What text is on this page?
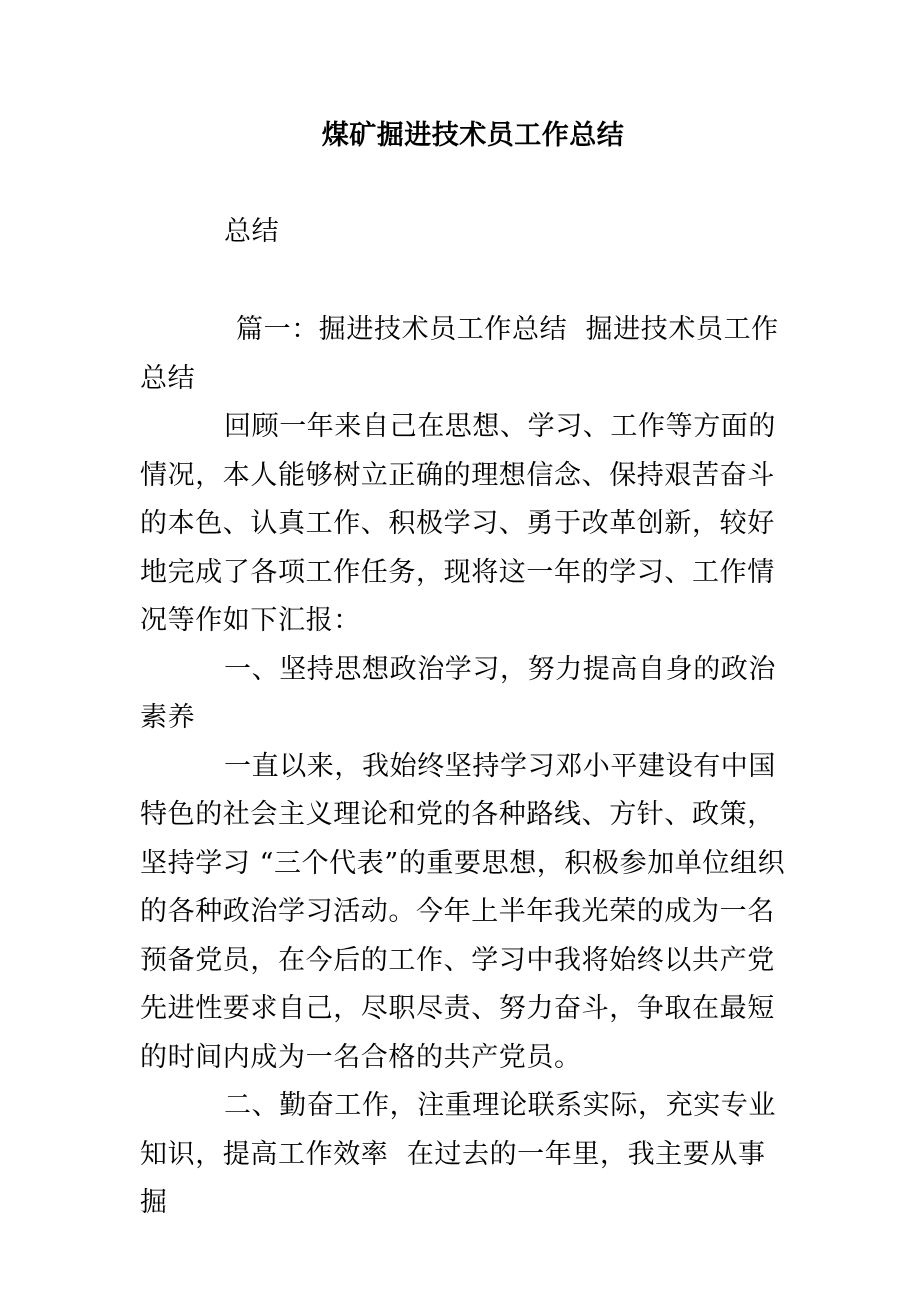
煤矿掘进技术员工作总结
总结

篇一：掘进技术员工作总结  掘进技术员工作总结

回顾一年来自己在思想、学习、工作等方面的情况，本人能够树立正确的理想信念、保持艰苦奋斗的本色、认真工作、积极学习、勇于改革创新，较好地完成了各项工作任务，现将这一年的学习、工作情况等作如下汇报：

一、坚持思想政治学习，努力提高自身的政治素养

一直以来，我始终坚持学习邓小平建设有中国特色的社会主义理论和党的各种路线、方针、政策，坚持学习 “三个代表”的重要思想，积极参加单位组织的各种政治学习活动。今年上半年我光荣的成为一名预备党员，在今后的工作、学习中我将始终以共产党先进性要求自己，尽职尽责、努力奋斗，争取在最短的时间内成为一名合格的共产党员。

二、勤奋工作，注重理论联系实际，充实专业知识，提高工作效率  在过去的一年里，我主要从事掘
